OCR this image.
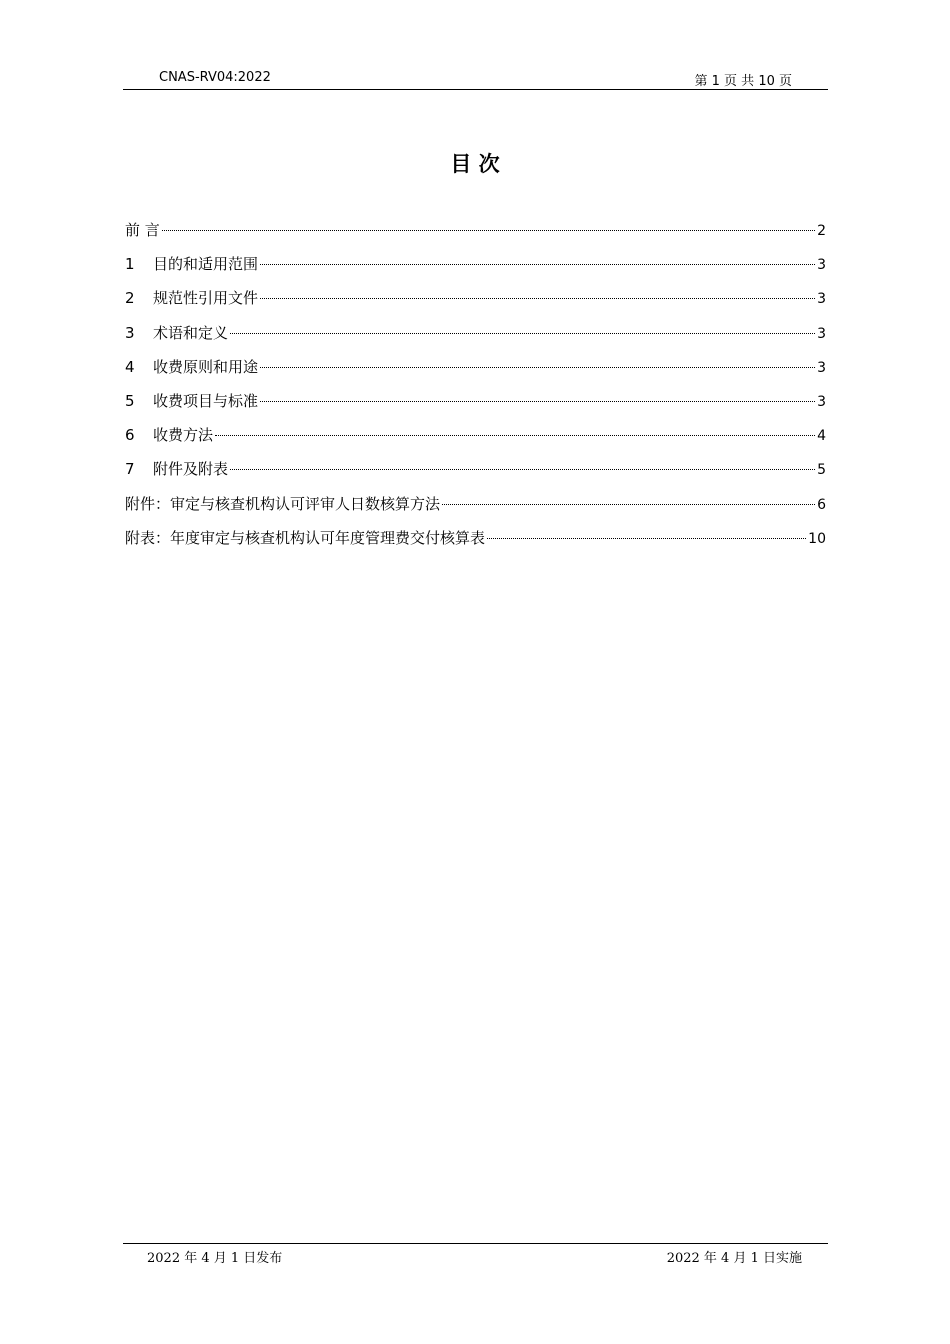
CNAS-RV04:2022	第 1 页 共 10 页
目 次
前 言	2
1	目的和适用范围	3
2	规范性引用文件	3
3	术语和定义	3
4	收费原则和用途	3
5	收费项目与标准	3
6	收费方法	4
7	附件及附表	5
附件：审定与核查机构认可评审人日数核算方法	6
附表：年度审定与核查机构认可年度管理费交付核算表	10
2022 年 4 月 1 日发布	2022 年 4 月 1 日实施
